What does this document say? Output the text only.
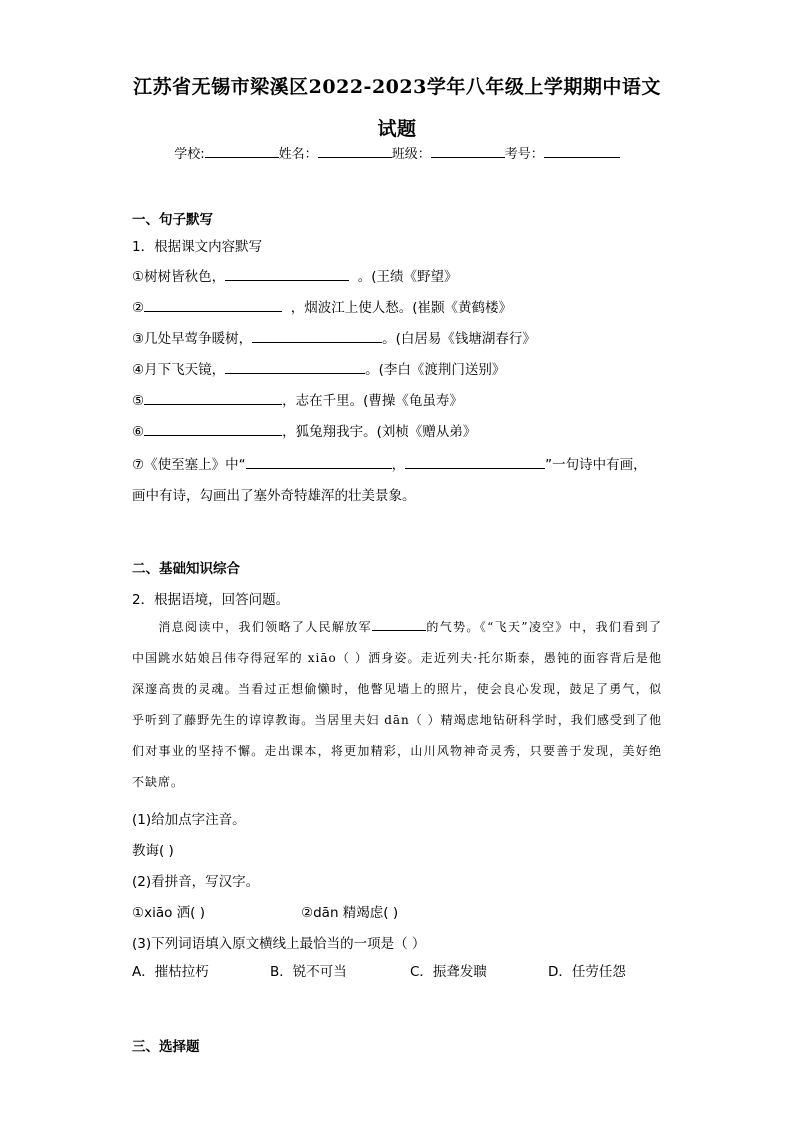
江苏省无锡市梁溪区2022-2023学年八年级上学期期中语文
试题
学校:	姓名：	班级：	考号：
一、句子默写
1．根据课文内容默写
①树树皆秋色，	。(王绩《野望》
②	，烟波江上使人愁。(崔颢《黄鹤楼》
③几处早莺争暖树，	。(白居易《钱塘湖春行》
④月下飞天镜，	。(李白《渡荆门送别》
⑤	，志在千里。(曹操《龟虽寿》
⑥	，狐兔翔我宇。(刘桢《赠从弟》
⑦《使至塞上》中“	，	”一句诗中有画，
画中有诗，勾画出了塞外奇特雄浑的壮美景象。
二、基础知识综合
2．根据语境，回答问题。
消息阅读中，我们领略了人民解放军	的气势。《“飞天”凌空》中，我们看到了中国跳水姑娘吕伟夺得冠军的 xiāo（ ）洒身姿。走近列夫·托尔斯泰，愚钝的面容背后是他深邃高贵的灵魂。当看过正想偷懒时，他瞥见墙上的照片，使会良心发现，鼓足了勇气，似乎听到了藤野先生的谆谆教诲。当居里夫妇 dān（ ）精竭虑地钻研科学时，我们感受到了他们对事业的坚持不懈。走出课本，将更加精彩，山川风物神奇灵秀，只要善于发现，美好绝不缺席。
(1)给加点字注音。
教诲( )
(2)看拼音，写汉字。
①xiāo 洒( )	②dān 精竭虑( )
(3)下列词语填入原文横线上最恰当的一项是（ ）
A．摧枯拉朽	B．锐不可当	C．振聋发聩	D．任劳任怨
三、选择题
